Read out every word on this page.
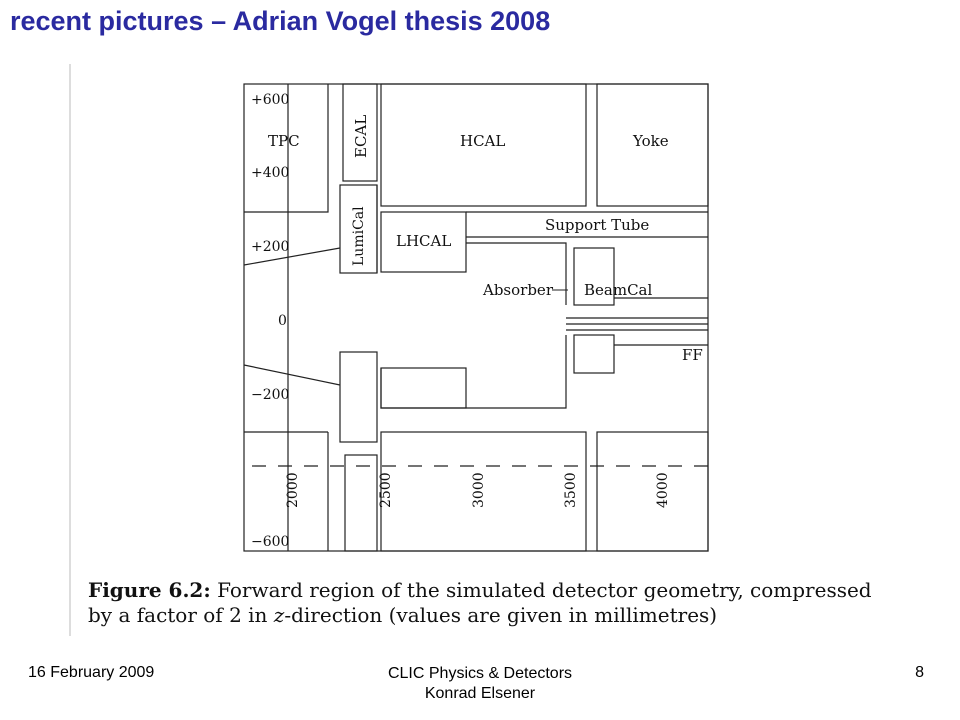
recent pictures – Adrian Vogel thesis 2008
TPC	ECAL	HCAL	Yoke
LumiCal LHCAL
Support Tube
Absorber BeamCal
FF
+600
+400
+200
0
−200
−600
2000	2500	3000	3500	4000
Figure 6.2: Forward region of the simulated detector geometry, compressed
by a factor of 2 in z-direction (values are given in millimetres)
16 February 2009	CLIC Physics & Detectors
Konrad Elsener
8
